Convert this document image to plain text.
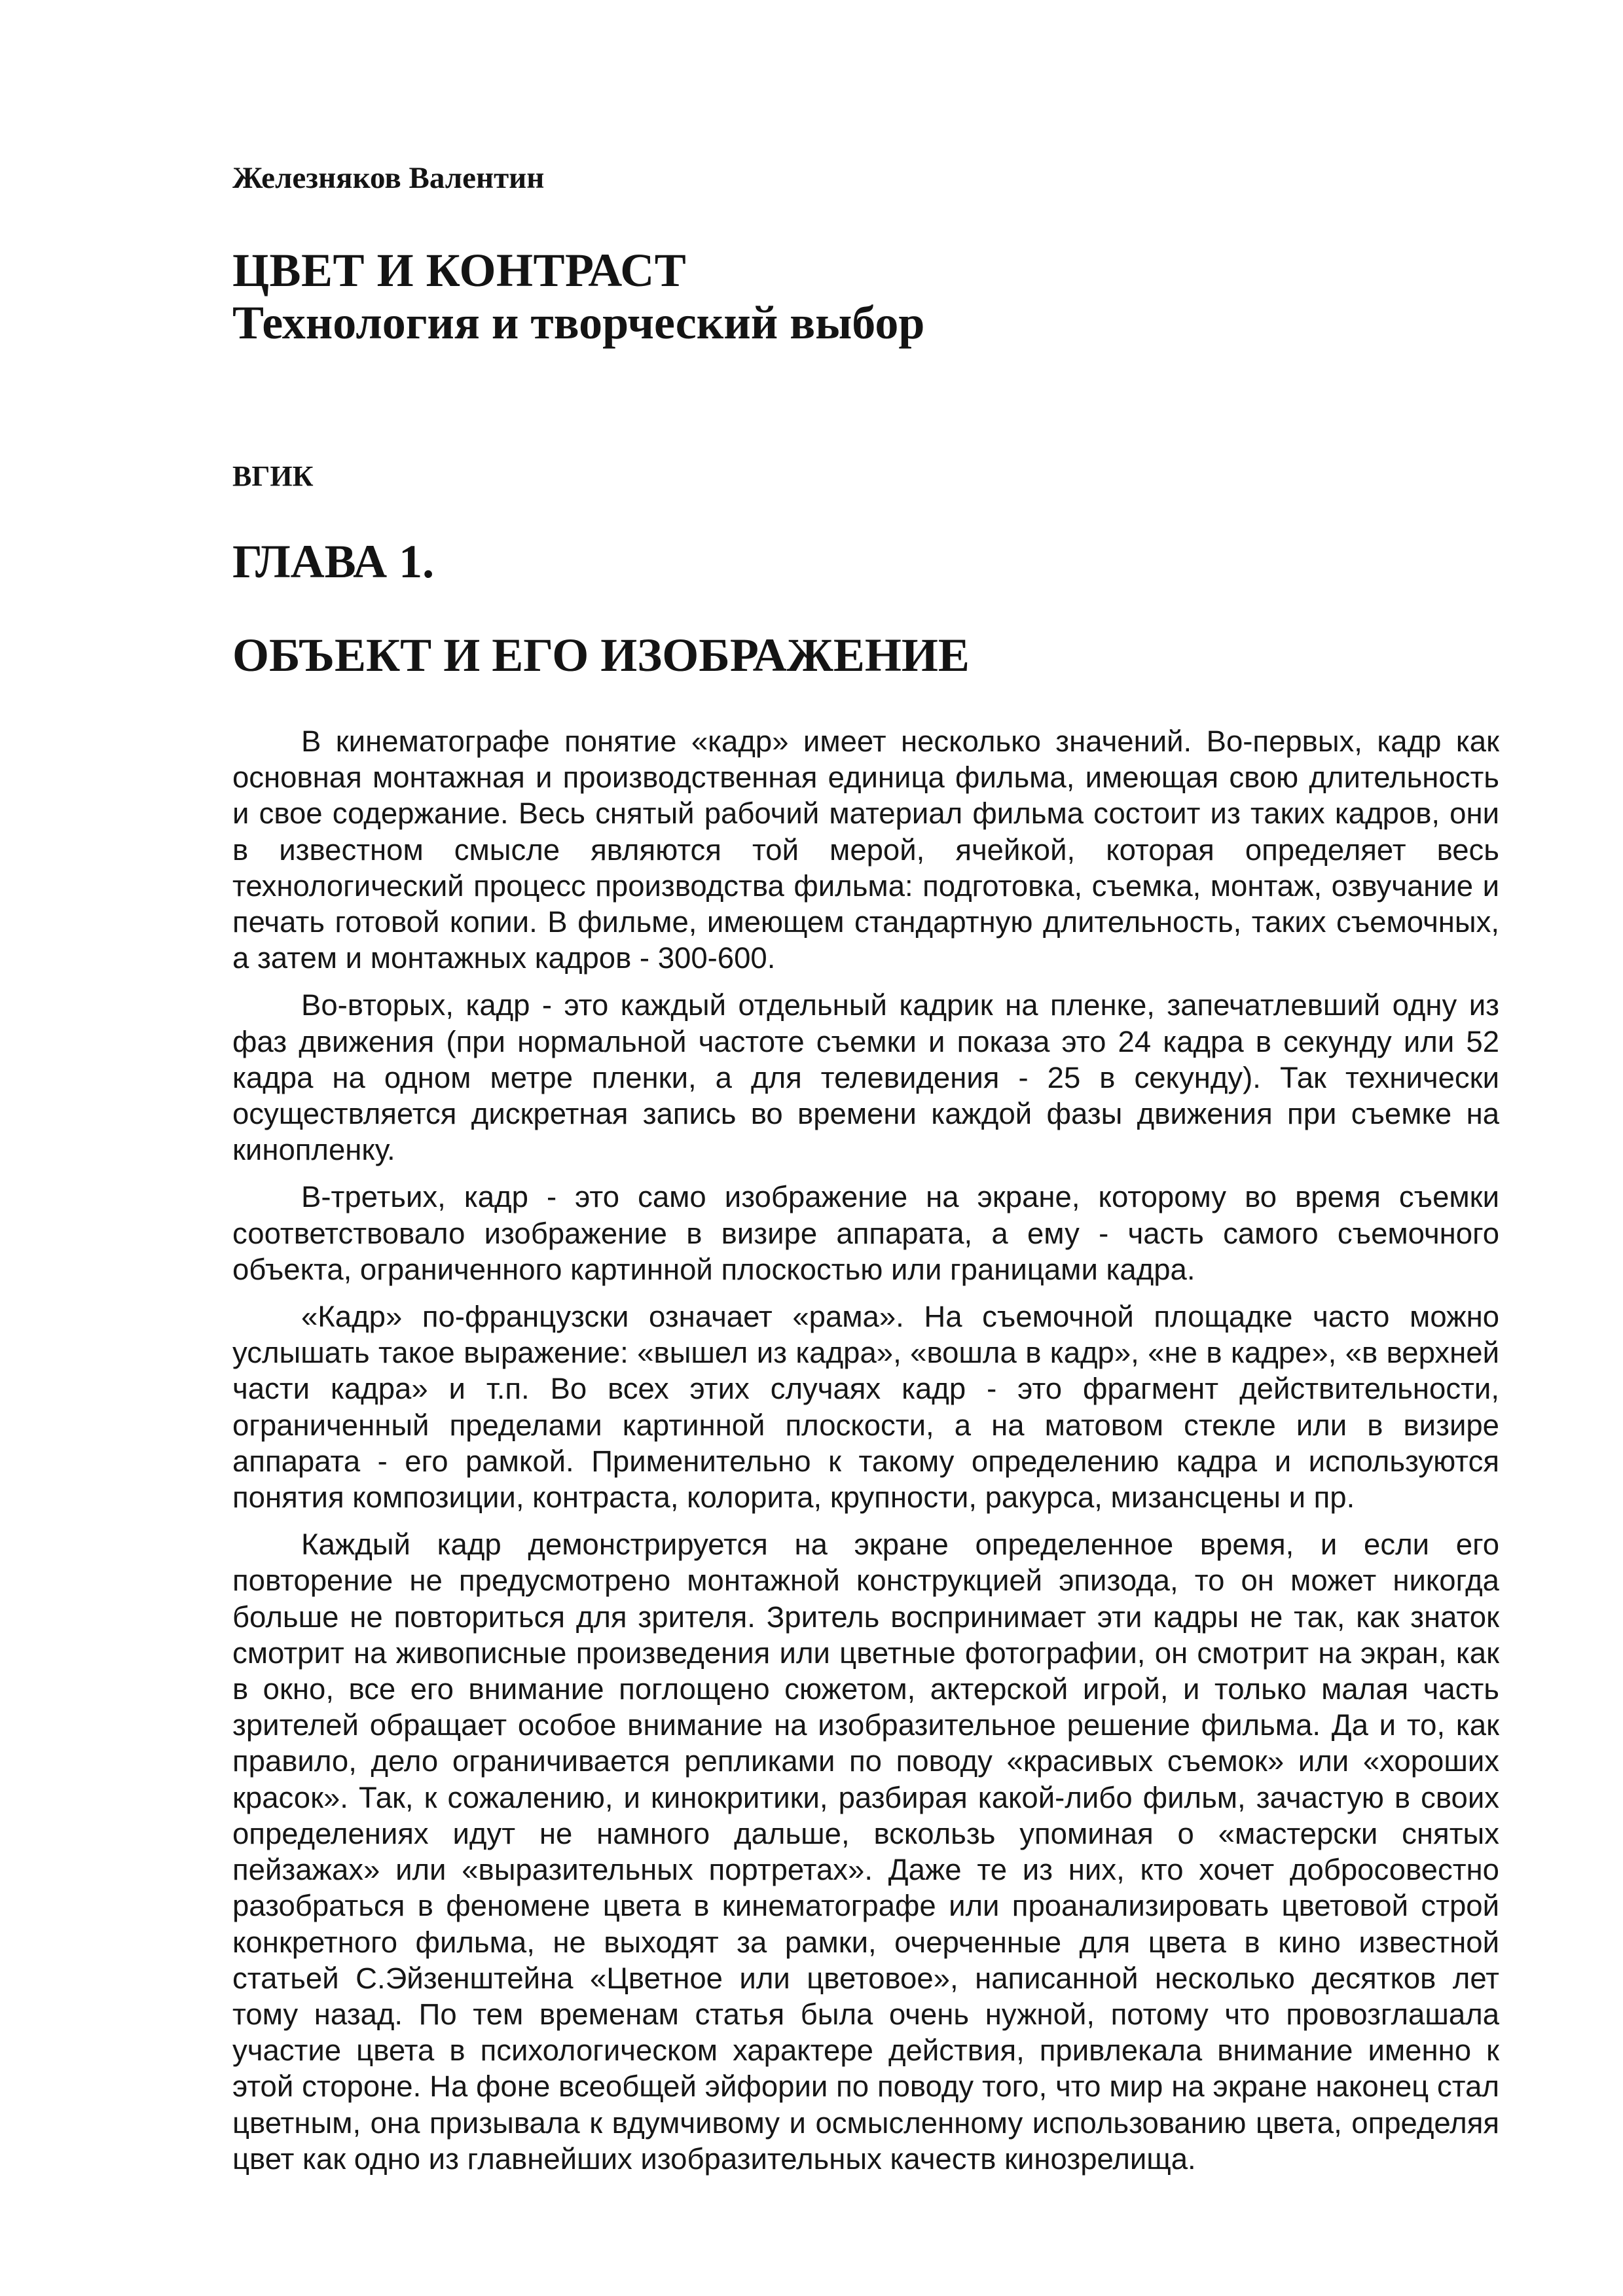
Железняков Валентин
ЦВЕТ И КОНТРАСТ
Технология и творческий выбор
ВГИК
ГЛАВА 1.
ОБЪЕКТ И ЕГО ИЗОБРАЖЕНИЕ

В кинематографе понятие «кадр» имеет несколько значений. Во-первых, кадр как основная монтажная и производственная единица фильма, имеющая свою длительность и свое содержание. Весь снятый рабочий материал фильма состоит из таких кадров, они в известном смысле являются той мерой, ячейкой, которая определяет весь технологический процесс производства фильма: подготовка, съемка, монтаж, озвучание и печать готовой копии. В фильме, имеющем стандартную длительность, таких съемочных, а затем и монтажных кадров - 300-600.

Во-вторых, кадр - это каждый отдельный кадрик на пленке, запечатлевший одну из фаз движения (при нормальной частоте съемки и показа это 24 кадра в секунду или 52 кадра на одном метре пленки, а для телевидения - 25 в секунду). Так технически осуществляется дискретная запись во времени каждой фазы движения при съемке на кинопленку.

В-третьих, кадр - это само изображение на экране, которому во время съемки соответствовало изображение в визире аппарата, а ему - часть самого съемочного объекта, ограниченного картинной плоскостью или границами кадра.

«Кадр» по-французски означает «рама». На съемочной площадке часто можно услышать такое выражение: «вышел из кадра», «вошла в кадр», «не в кадре», «в верхней части кадра» и т.п. Во всех этих случаях кадр - это фрагмент действительности, ограниченный пределами картинной плоскости, а на матовом стекле или в визире аппарата - его рамкой. Применительно к такому определению кадра и используются понятия композиции, контраста, колорита, крупности, ракурса, мизансцены и пр.

Каждый кадр демонстрируется на экране определенное время, и если его повторение не предусмотрено монтажной конструкцией эпизода, то он может никогда больше не повториться для зрителя. Зритель воспринимает эти кадры не так, как знаток смотрит на живописные произведения или цветные фотографии, он смотрит на экран, как в окно, все его внимание поглощено сюжетом, актерской игрой, и только малая часть зрителей обращает особое внимание на изобразительное решение фильма. Да и то, как правило, дело ограничивается репликами по поводу «красивых съемок» или «хороших красок». Так, к сожалению, и кинокритики, разбирая какой-либо фильм, зачастую в своих определениях идут не намного дальше, вскользь упоминая о «мастерски снятых пейзажах» или «выразительных портретах». Даже те из них, кто хочет добросовестно разобраться в феномене цвета в кинематографе или проанализировать цветовой строй конкретного фильма, не выходят за рамки, очерченные для цвета в кино известной статьей С.Эйзенштейна «Цветное или цветовое», написанной несколько десятков лет тому назад. По тем временам статья была очень нужной, потому что провозглашала участие цвета в психологическом характере действия, привлекала внимание именно к этой стороне. На фоне всеобщей эйфории по поводу того, что мир на экране наконец стал цветным, она призывала к вдумчивому и осмысленному использованию цвета, определяя цвет как одно из главнейших изобразительных качеств кинозрелища.
